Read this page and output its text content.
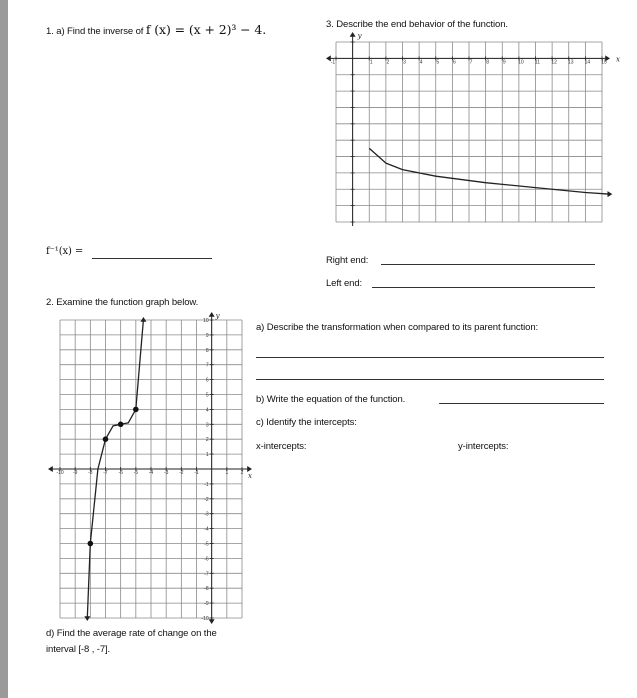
1. a) Find the inverse of f (x) = (x + 2)³ − 4.
f⁻¹(x) =
3. Describe the end behavior of the function.
y
x
-1	1	2	3	4	5	6	7	8	9 10 11 12 13 14 15
Right end:
Left end:
2. Examine the function graph below.
y
x
-10 -9 -8 -7 -6 -5 -4 -3 -2 -1	1 2
10
9
8
7
6
5
4
3
2
1
-1
-2
-3
-4
-5
-6
-7
-8
-9
-10
d) Find the average rate of change on the
interval [-8 , -7].
a) Describe the transformation when compared to its parent function:
b) Write the equation of the function.
c) Identify the intercepts:
x-intercepts:	y-intercepts:
